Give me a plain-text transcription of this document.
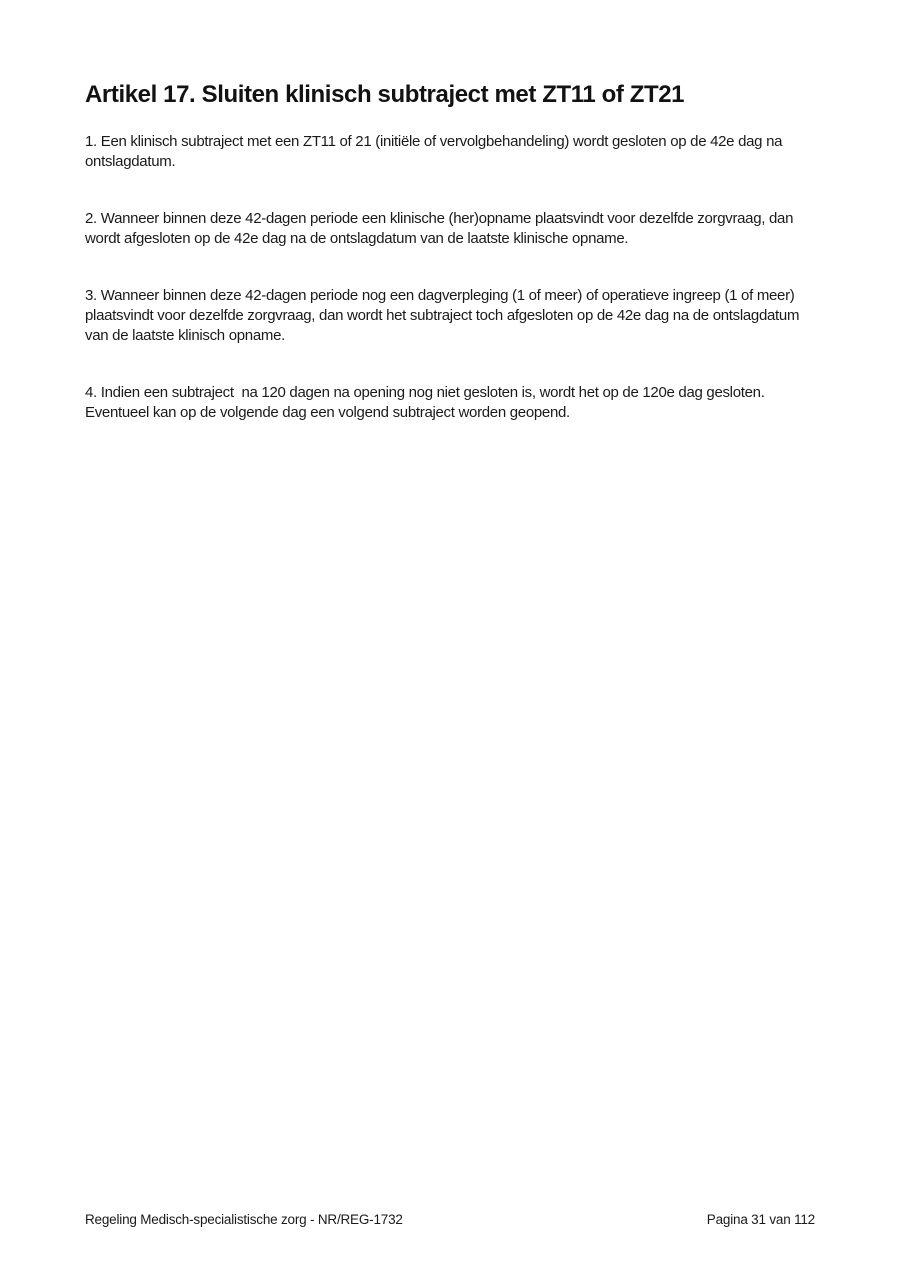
Artikel 17. Sluiten klinisch subtraject met ZT11 of ZT21

1. Een klinisch subtraject met een ZT11 of 21 (initiële of vervolgbehandeling) wordt gesloten op de 42e dag na ontslagdatum.

2. Wanneer binnen deze 42-dagen periode een klinische (her)opname plaatsvindt voor dezelfde zorgvraag, dan wordt afgesloten op de 42e dag na de ontslagdatum van de laatste klinische opname.

3. Wanneer binnen deze 42-dagen periode nog een dagverpleging (1 of meer) of operatieve ingreep (1 of meer) plaatsvindt voor dezelfde zorgvraag, dan wordt het subtraject toch afgesloten op de 42e dag na de ontslagdatum van de laatste klinisch opname.

4. Indien een subtraject  na 120 dagen na opening nog niet gesloten is, wordt het op de 120e dag gesloten. Eventueel kan op de volgende dag een volgend subtraject worden geopend.

Regeling Medisch-specialistische zorg - NR/REG-1732	Pagina 31 van 112
